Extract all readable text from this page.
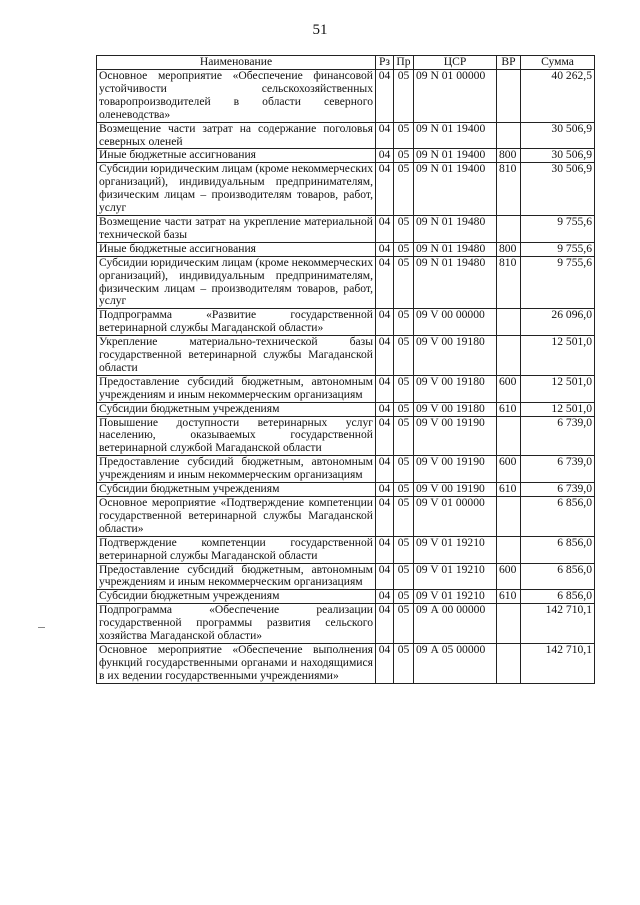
51
Наименование	Рз	Пр	ЦСР	ВР	Сумма
Основное мероприятие «Обеспечение финансовой устойчивости сельскохозяйственных товаропроизводителей в области северного оленеводства»	04	05	09 N 01 00000		40 262,5
Возмещение части затрат на содержание поголовья северных оленей	04	05	09 N 01 19400		30 506,9
Иные бюджетные ассигнования	04	05	09 N 01 19400	800	30 506,9
Субсидии юридическим лицам (кроме некоммерческих организаций), индивидуальным предпринимателям, физическим лицам – производителям товаров, работ, услуг	04	05	09 N 01 19400	810	30 506,9
Возмещение части затрат на укрепление материальной технической базы	04	05	09 N 01 19480		9 755,6
Иные бюджетные ассигнования	04	05	09 N 01 19480	800	9 755,6
Субсидии юридическим лицам (кроме некоммерческих организаций), индивидуальным предпринимателям, физическим лицам – производителям товаров, работ, услуг	04	05	09 N 01 19480	810	9 755,6
Подпрограмма «Развитие государственной ветеринарной службы Магаданской области»	04	05	09 V 00 00000		26 096,0
Укрепление материально-технической базы государственной ветеринарной службы Магаданской области	04	05	09 V 00 19180		12 501,0
Предоставление субсидий бюджетным, автономным учреждениям и иным некоммерческим организациям	04	05	09 V 00 19180	600	12 501,0
Субсидии бюджетным учреждениям	04	05	09 V 00 19180	610	12 501,0
Повышение доступности ветеринарных услуг населению, оказываемых государственной ветеринарной службой Магаданской области	04	05	09 V 00 19190		6 739,0
Предоставление субсидий бюджетным, автономным учреждениям и иным некоммерческим организациям	04	05	09 V 00 19190	600	6 739,0
Субсидии бюджетным учреждениям	04	05	09 V 00 19190	610	6 739,0
Основное мероприятие «Подтверждение компетенции государственной ветеринарной службы Магаданской области»	04	05	09 V 01 00000		6 856,0
Подтверждение компетенции государственной ветеринарной службы Магаданской области	04	05	09 V 01 19210		6 856,0
Предоставление субсидий бюджетным, автономным учреждениям и иным некоммерческим организациям	04	05	09 V 01 19210	600	6 856,0
Субсидии бюджетным учреждениям	04	05	09 V 01 19210	610	6 856,0
Подпрограмма «Обеспечение реализации государственной программы развития сельского хозяйства Магаданской области»	04	05	09 А 00 00000		142 710,1
Основное мероприятие «Обеспечение выполнения функций государственными органами и находящимися в их ведении государственными учреждениями»	04	05	09 А 05 00000		142 710,1
